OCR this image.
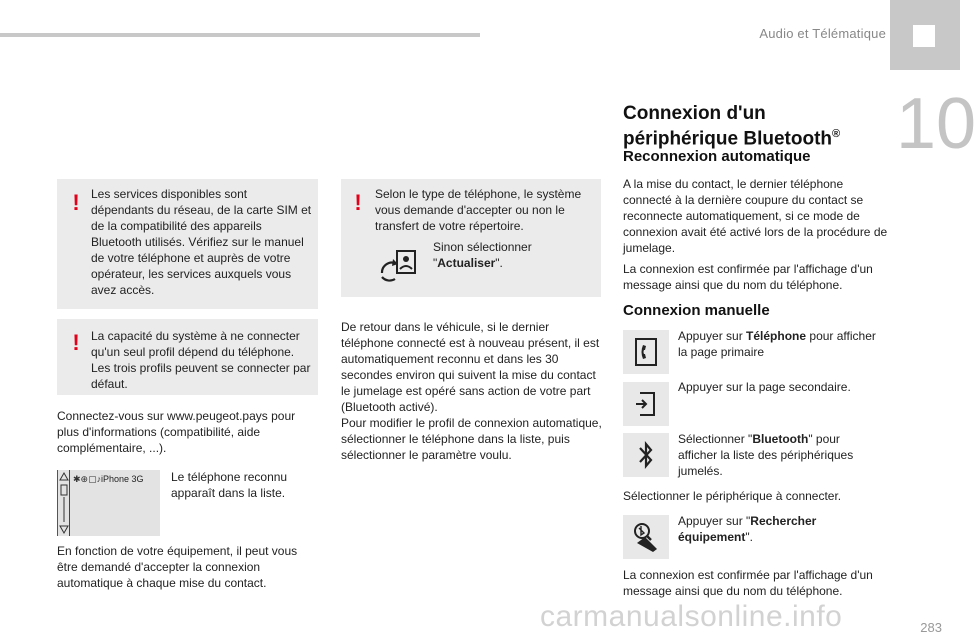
Audio et Télématique
10
! Les services disponibles sont dépendants du réseau, de la carte SIM et de la compatibilité des appareils Bluetooth utilisés. Vérifiez sur le manuel de votre téléphone et auprès de votre opérateur, les services auxquels vous avez accès.
! La capacité du système à ne connecter qu'un seul profil dépend du téléphone. Les trois profils peuvent se connecter par défaut.
Connectez-vous sur www.peugeot.pays pour plus d'informations (compatibilité, aide complémentaire, ...).
✱⊕▢♪ iPhone 3G Le téléphone reconnu apparaît dans la liste.
En fonction de votre équipement, il peut vous être demandé d'accepter la connexion automatique à chaque mise du contact.
! Selon le type de téléphone, le système vous demande d'accepter ou non le transfert de votre répertoire.
Sinon sélectionner
"Actualiser".
De retour dans le véhicule, si le dernier téléphone connecté est à nouveau présent, il est automatiquement reconnu et dans les 30 secondes environ qui suivent la mise du contact le jumelage est opéré sans action de votre part (Bluetooth activé).
Pour modifier le profil de connexion automatique, sélectionner le téléphone dans la liste, puis sélectionner le paramètre voulu.
Connexion d'un
périphérique Bluetooth®
Reconnexion automatique
A la mise du contact, le dernier téléphone connecté à la dernière coupure du contact se reconnecte automatiquement, si ce mode de connexion avait été activé lors de la procédure de jumelage.
La connexion est confirmée par l'affichage d'un message ainsi que du nom du téléphone.
Connexion manuelle
Appuyer sur Téléphone pour afficher la page primaire
Appuyer sur la page secondaire.
Sélectionner "Bluetooth" pour afficher la liste des périphériques jumelés.
Sélectionner le périphérique à connecter.
Appuyer sur "Rechercher équipement".
La connexion est confirmée par l'affichage d'un message ainsi que du nom du téléphone.
carmanualsonline.info	283
